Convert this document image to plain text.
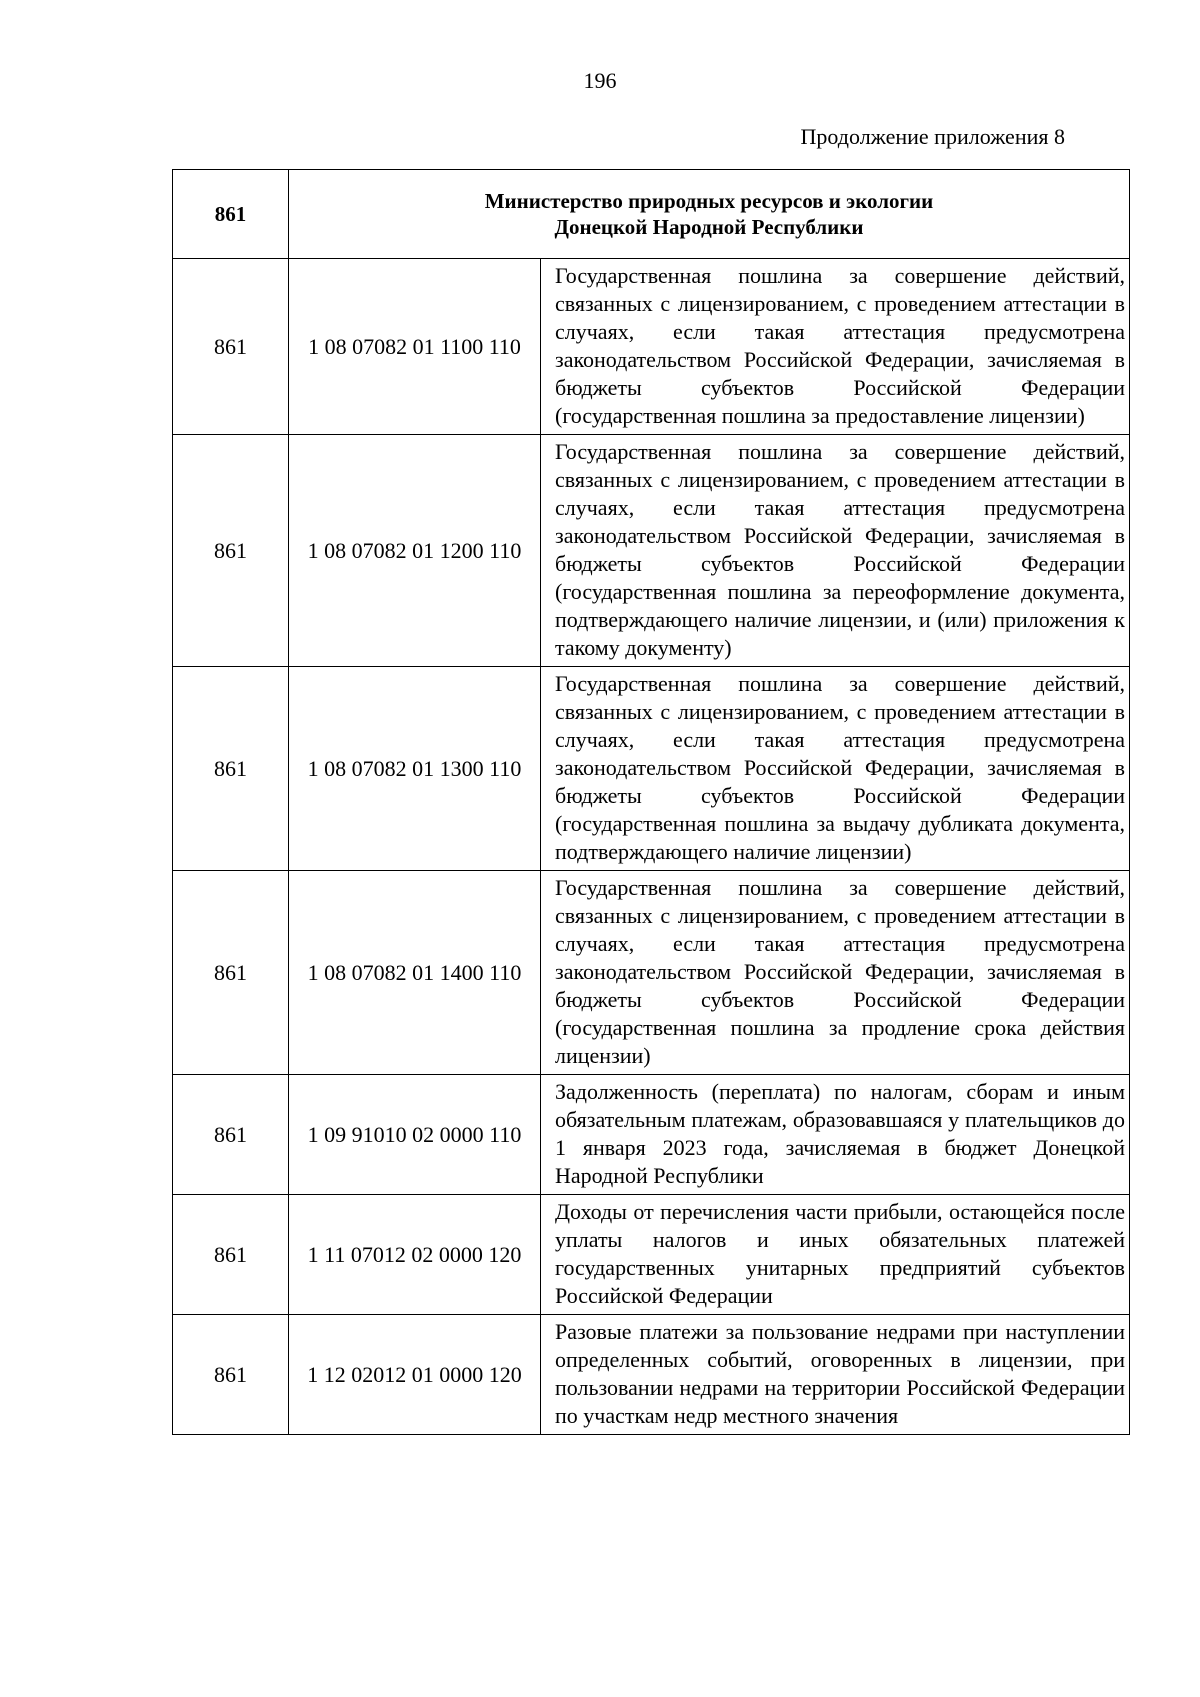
196
Продолжение приложения 8
861	Министерство природных ресурсов и экологии
Донецкой Народной Республики	

861	1 08 07082 01 1100 110	Государственная пошлина за совершение действий, связанных с лицензированием, с проведением аттестации в случаях, если такая аттестация предусмотрена законодательством Российской Федерации, зачисляемая в бюджеты субъектов Российской Федерации (государственная пошлина за предоставление лицензии)
861	1 08 07082 01 1200 110	Государственная пошлина за совершение действий, связанных с лицензированием, с проведением аттестации в случаях, если такая аттестация предусмотрена законодательством Российской Федерации, зачисляемая в бюджеты субъектов Российской Федерации (государственная пошлина за переоформление документа, подтверждающего наличие лицензии, и (или) приложения к такому документу)
861	1 08 07082 01 1300 110	Государственная пошлина за совершение действий, связанных с лицензированием, с проведением аттестации в случаях, если такая аттестация предусмотрена законодательством Российской Федерации, зачисляемая в бюджеты субъектов Российской Федерации (государственная пошлина за выдачу дубликата документа, подтверждающего наличие лицензии)
861	1 08 07082 01 1400 110	Государственная пошлина за совершение действий, связанных с лицензированием, с проведением аттестации в случаях, если такая аттестация предусмотрена законодательством Российской Федерации, зачисляемая в бюджеты субъектов Российской Федерации (государственная пошлина за продление срока действия лицензии)
861	1 09 91010 02 0000 110	Задолженность (переплата) по налогам, сборам и иным обязательным платежам, образовавшаяся у плательщиков до 1 января 2023 года, зачисляемая в бюджет Донецкой Народной Республики
861	1 11 07012 02 0000 120	Доходы от перечисления части прибыли, остающейся после уплаты налогов и иных обязательных платежей государственных унитарных предприятий субъектов Российской Федерации
861	1 12 02012 01 0000 120	Разовые платежи за пользование недрами при наступлении определенных событий, оговоренных в лицензии, при пользовании недрами на территории Российской Федерации по участкам недр местного значения
